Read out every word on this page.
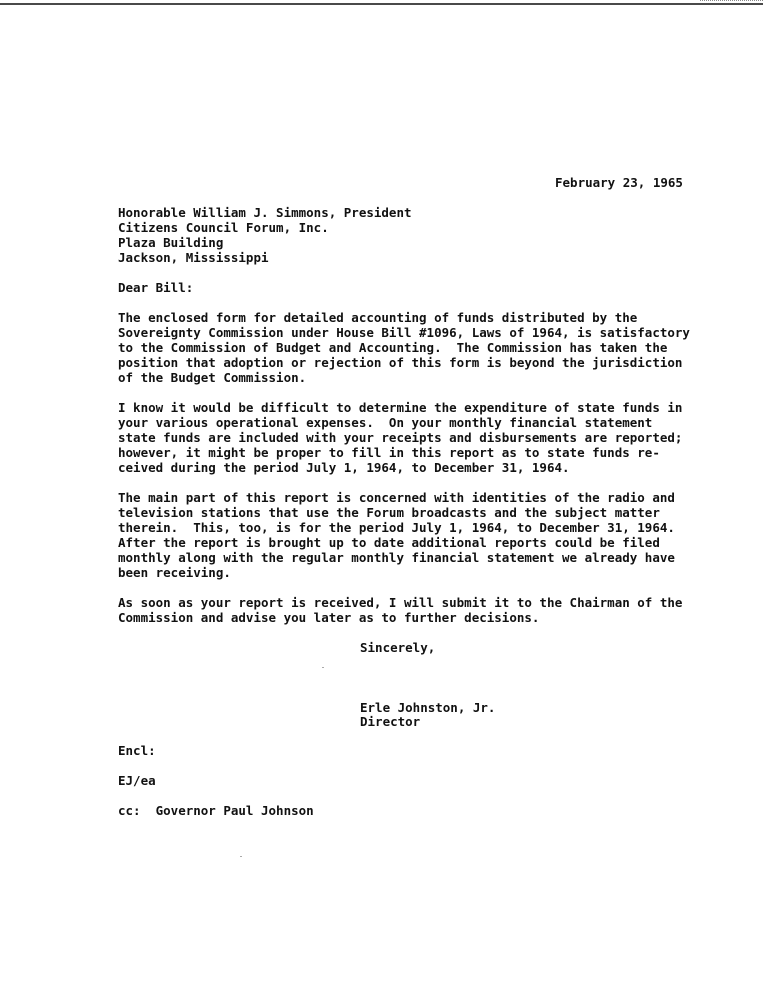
February 23, 1965
Honorable William J. Simmons, President
Citizens Council Forum, Inc.
Plaza Building
Jackson, Mississippi
Dear Bill:
The enclosed form for detailed accounting of funds distributed by the
Sovereignty Commission under House Bill #1096, Laws of 1964, is satisfactory
to the Commission of Budget and Accounting.  The Commission has taken the
position that adoption or rejection of this form is beyond the jurisdiction
of the Budget Commission.
I know it would be difficult to determine the expenditure of state funds in
your various operational expenses.  On your monthly financial statement
state funds are included with your receipts and disbursements are reported;
however, it might be proper to fill in this report as to state funds re-
ceived during the period July 1, 1964, to December 31, 1964.
The main part of this report is concerned with identities of the radio and
television stations that use the Forum broadcasts and the subject matter
therein.  This, too, is for the period July 1, 1964, to December 31, 1964.
After the report is brought up to date additional reports could be filed
monthly along with the regular monthly financial statement we already have
been receiving.
As soon as your report is received, I will submit it to the Chairman of the
Commission and advise you later as to further decisions.
Sincerely,
Erle Johnston, Jr.
Director
Encl:
EJ/ea
cc:  Governor Paul Johnson
